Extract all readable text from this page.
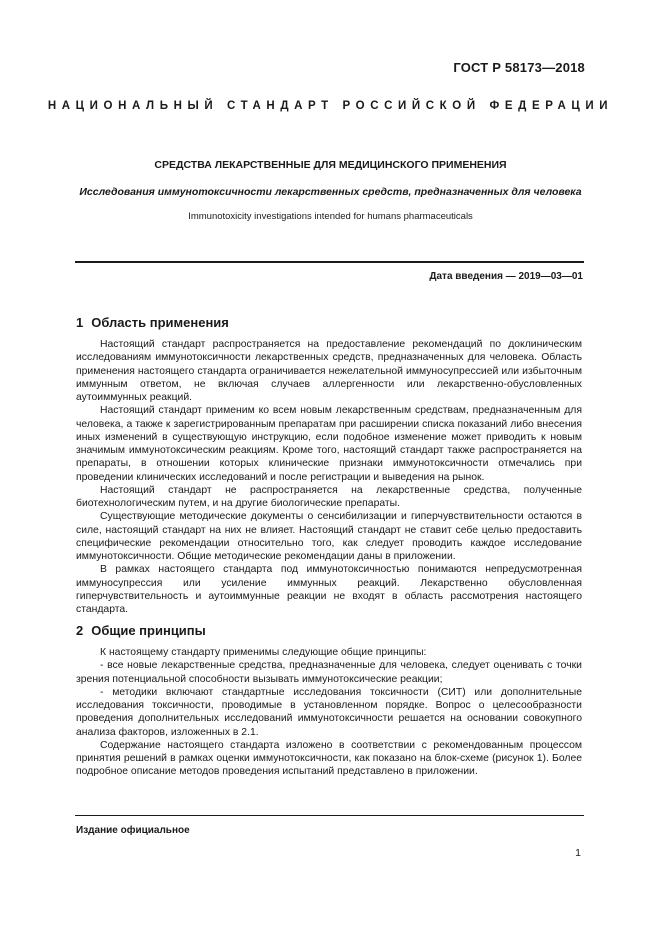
ГОСТ Р 58173—2018
НАЦИОНАЛЬНЫЙ СТАНДАРТ РОССИЙСКОЙ ФЕДЕРАЦИИ
СРЕДСТВА ЛЕКАРСТВЕННЫЕ ДЛЯ МЕДИЦИНСКОГО ПРИМЕНЕНИЯ
Исследования иммунотоксичности лекарственных средств, предназначенных для человека
Immunotoxicity investigations intended for humans pharmaceuticals
Дата введения — 2019—03—01
1 Область применения

Настоящий стандарт распространяется на предоставление рекомендаций по доклиническим исследованиям иммунотоксичности лекарственных средств, предназначенных для человека. Область применения настоящего стандарта ограничивается нежелательной иммуносупрессией или избыточным иммунным ответом, не включая случаев аллергенности или лекарственно-обусловленных аутоиммунных реакций.

Настоящий стандарт применим ко всем новым лекарственным средствам, предназначенным для человека, а также к зарегистрированным препаратам при расширении списка показаний либо внесения иных изменений в существующую инструкцию, если подобное изменение может приводить к новым значимым иммунотоксическим реакциям. Кроме того, настоящий стандарт также распространяется на препараты, в отношении которых клинические признаки иммунотоксичности отмечались при проведении клинических исследований и после регистрации и выведения на рынок.

Настоящий стандарт не распространяется на лекарственные средства, полученные биотехнологическим путем, и на другие биологические препараты.

Существующие методические документы о сенсибилизации и гиперчувствительности остаются в силе, настоящий стандарт на них не влияет. Настоящий стандарт не ставит себе целью предоставить специфические рекомендации относительно того, как следует проводить каждое исследование иммунотоксичности. Общие методические рекомендации даны в приложении.

В рамках настоящего стандарта под иммунотоксичностью понимаются непредусмотренная иммуносупрессия или усиление иммунных реакций. Лекарственно обусловленная гиперчувствительность и аутоиммунные реакции не входят в область рассмотрения настоящего стандарта.

2 Общие принципы

К настоящему стандарту применимы следующие общие принципы:

- все новые лекарственные средства, предназначенные для человека, следует оценивать с точки зрения потенциальной способности вызывать иммунотоксические реакции;

- методики включают стандартные исследования токсичности (СИТ) или дополнительные исследования токсичности, проводимые в установленном порядке. Вопрос о целесообразности проведения дополнительных исследований иммунотоксичности решается на основании совокупного анализа факторов, изложенных в 2.1.

Содержание настоящего стандарта изложено в соответствии с рекомендованным процессом принятия решений в рамках оценки иммунотоксичности, как показано на блок-схеме (рисунок 1). Более подробное описание методов проведения испытаний представлено в приложении.

Издание официальное
1
